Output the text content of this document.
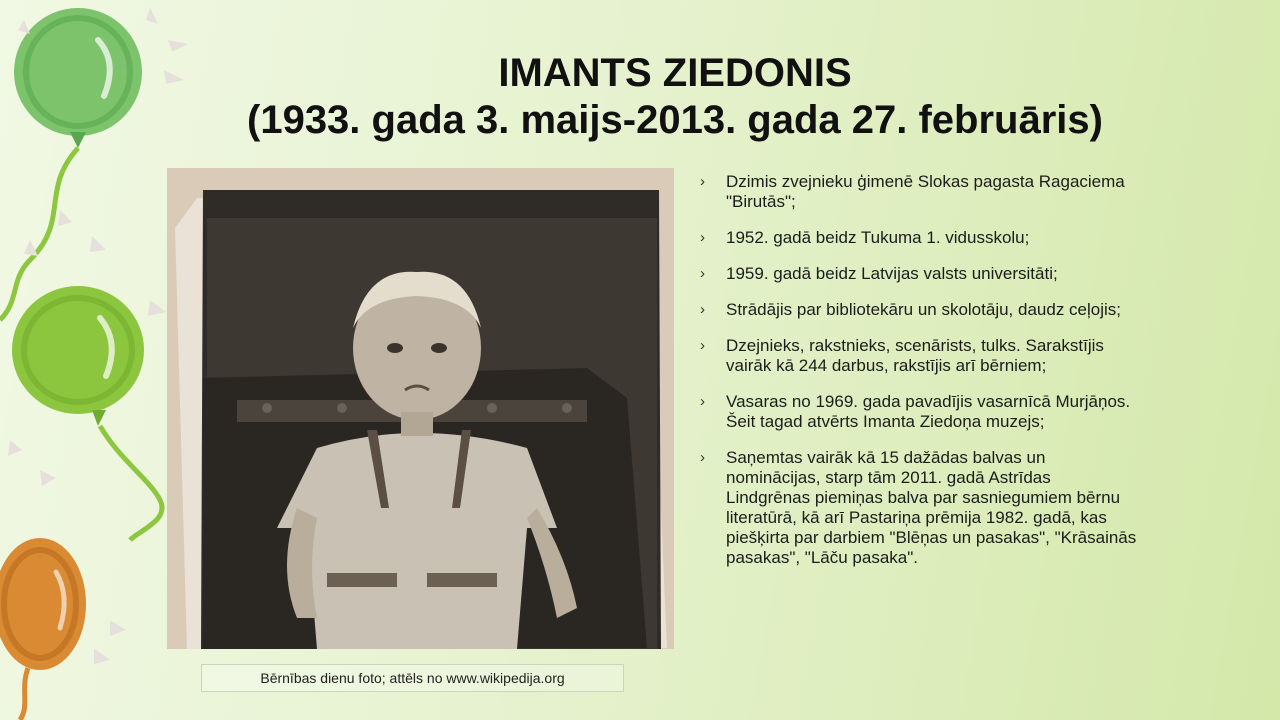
IMANTS ZIEDONIS
(1933. gada 3. maijs-2013. gada 27. februāris)
Bērnības dienu foto; attēls no www.wikipedija.org
› Dzimis zvejnieku ģimenē Slokas pagasta Ragaciema "Birutās";
› 1952. gadā beidz Tukuma 1. vidusskolu;
› 1959. gadā beidz Latvijas valsts universitāti;
› Strādājis par bibliotekāru un skolotāju, daudz ceļojis;
› Dzejnieks, rakstnieks, scenārists, tulks. Sarakstījis vairāk kā 244 darbus, rakstījis arī bērniem;
› Vasaras no 1969. gada pavadījis vasarnīcā Murjāņos. Šeit tagad atvērts Imanta Ziedoņa muzejs;
› Saņemtas vairāk kā 15 dažādas balvas un nominācijas, starp tām 2011. gadā Astrīdas Lindgrēnas piemiņas balva par sasniegumiem bērnu literatūrā, kā arī Pastariņa prēmija 1982. gadā, kas piešķirta par darbiem "Blēņas un pasakas", "Krāsainās pasakas", "Lāču pasaka".
